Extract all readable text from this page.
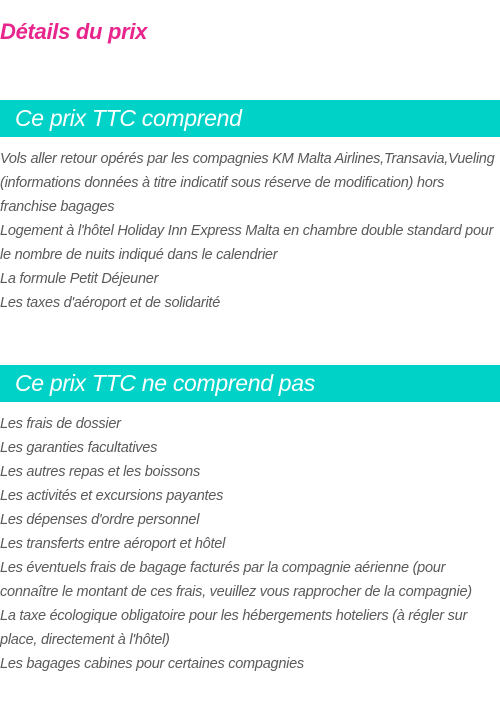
Détails du prix
Ce prix TTC comprend
Vols aller retour opérés par les compagnies KM Malta Airlines,Transavia,Vueling (informations données à titre indicatif sous réserve de modification) hors franchise bagages
Logement à l'hôtel Holiday Inn Express Malta en chambre double standard pour le nombre de nuits indiqué dans le calendrier
La formule Petit Déjeuner
Les taxes d'aéroport et de solidarité
Ce prix TTC ne comprend pas
Les frais de dossier
Les garanties facultatives
Les autres repas et les boissons
Les activités et excursions payantes
Les dépenses d'ordre personnel
Les transferts entre aéroport et hôtel
Les éventuels frais de bagage facturés par la compagnie aérienne (pour connaître le montant de ces frais, veuillez vous rapprocher de la compagnie)
La taxe écologique obligatoire pour les hébergements hoteliers (à régler sur place, directement à l'hôtel)
Les bagages cabines pour certaines compagnies
